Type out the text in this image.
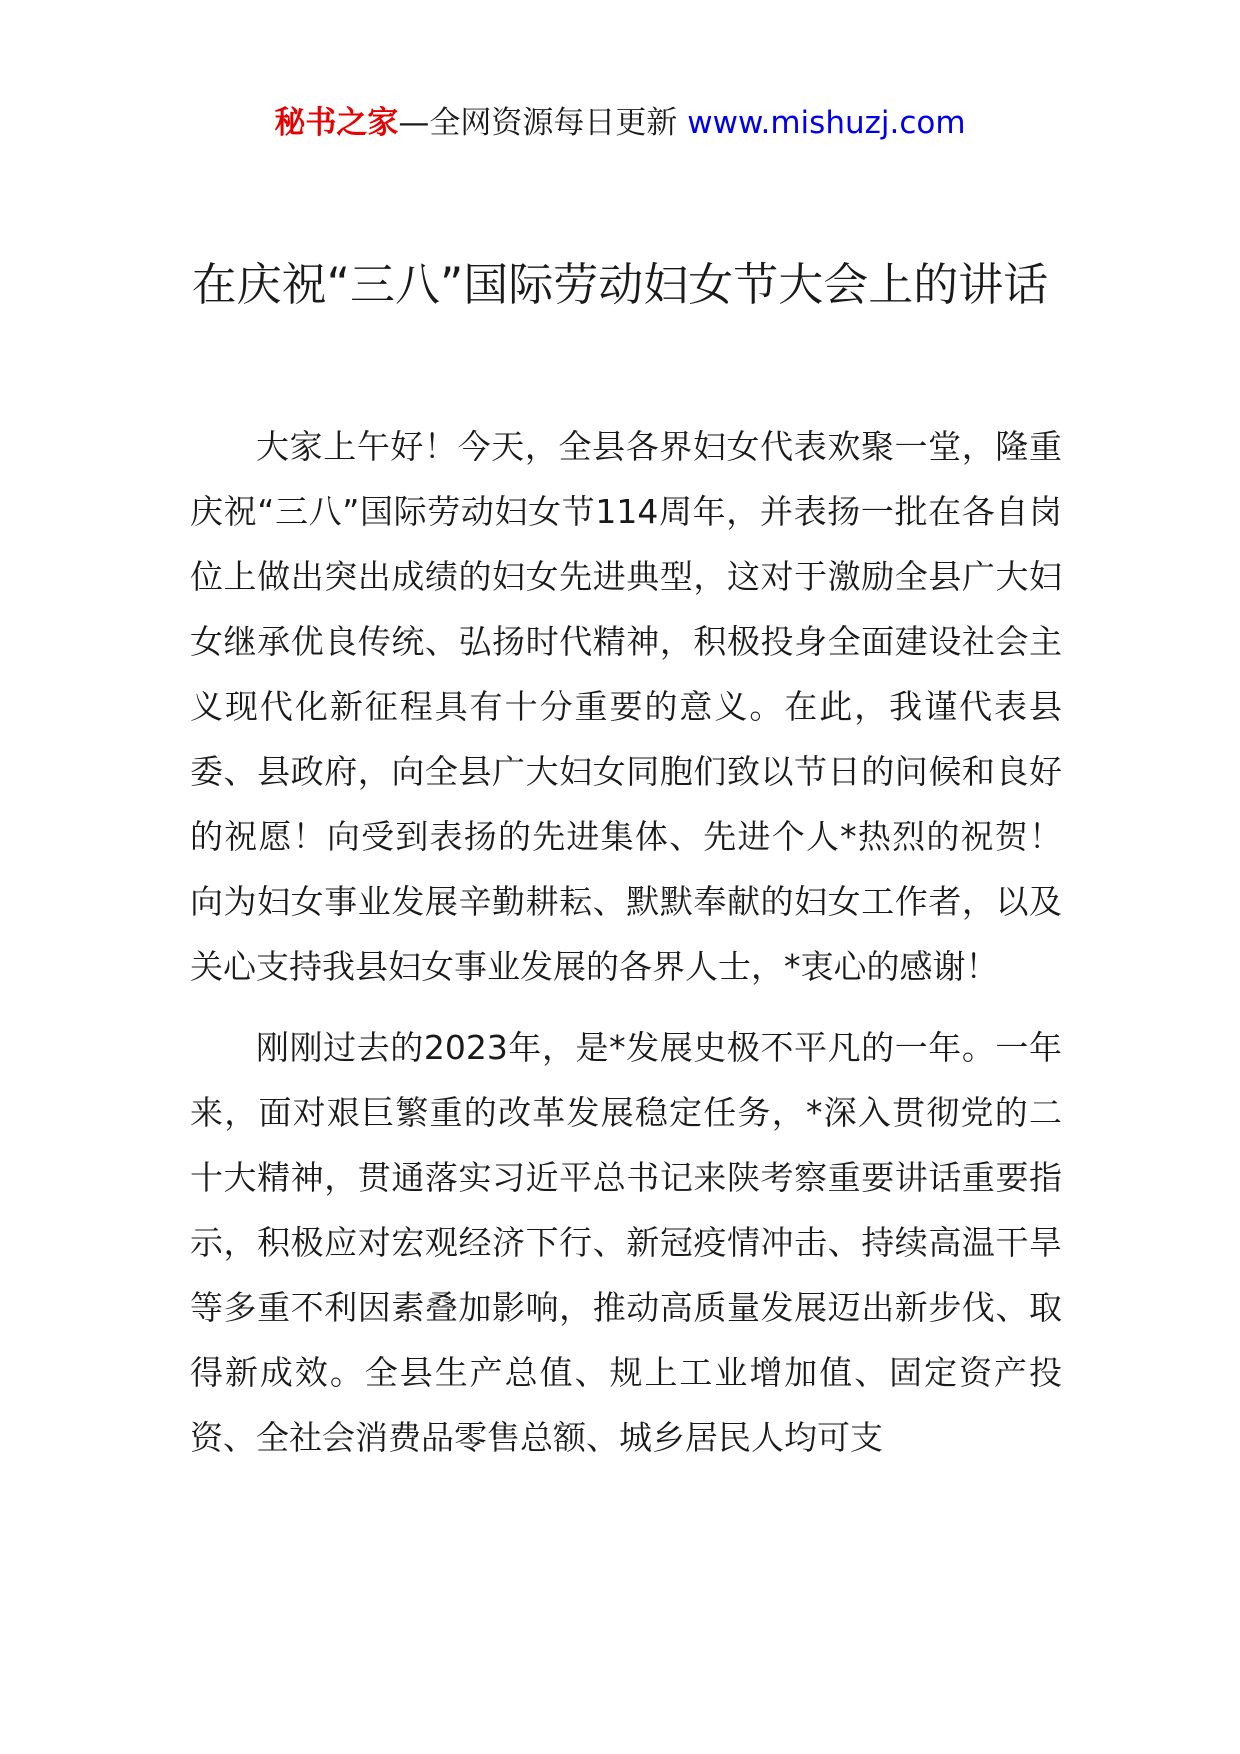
秘书之家—全网资源每日更新 www.mishuzj.com
在庆祝“三八”国际劳动妇女节大会上的讲话

大家上午好！今天，全县各界妇女代表欢聚一堂，隆重庆祝“三八”国际劳动妇女节114周年，并表扬一批在各自岗位上做出突出成绩的妇女先进典型，这对于激励全县广大妇女继承优良传统、弘扬时代精神，积极投身全面建设社会主义现代化新征程具有十分重要的意义。在此，我谨代表县委、县政府，向全县广大妇女同胞们致以节日的问候和良好的祝愿！向受到表扬的先进集体、先进个人*热烈的祝贺！向为妇女事业发展辛勤耕耘、默默奉献的妇女工作者，以及关心支持我县妇女事业发展的各界人士，*衷心的感谢！

刚刚过去的2023年，是*发展史极不平凡的一年。一年来，面对艰巨繁重的改革发展稳定任务，*深入贯彻党的二十大精神，贯通落实习近平总书记来陕考察重要讲话重要指示，积极应对宏观经济下行、新冠疫情冲击、持续高温干旱等多重不利因素叠加影响，推动高质量发展迈出新步伐、取得新成效。全县生产总值、规上工业增加值、固定资产投资、全社会消费品零售总额、城乡居民人均可支
